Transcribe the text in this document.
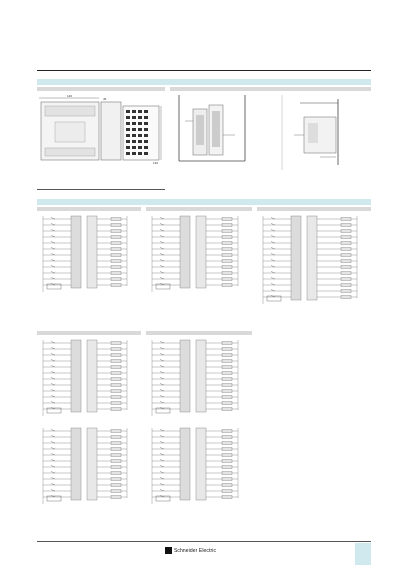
140
45
130
Schneider Electric
